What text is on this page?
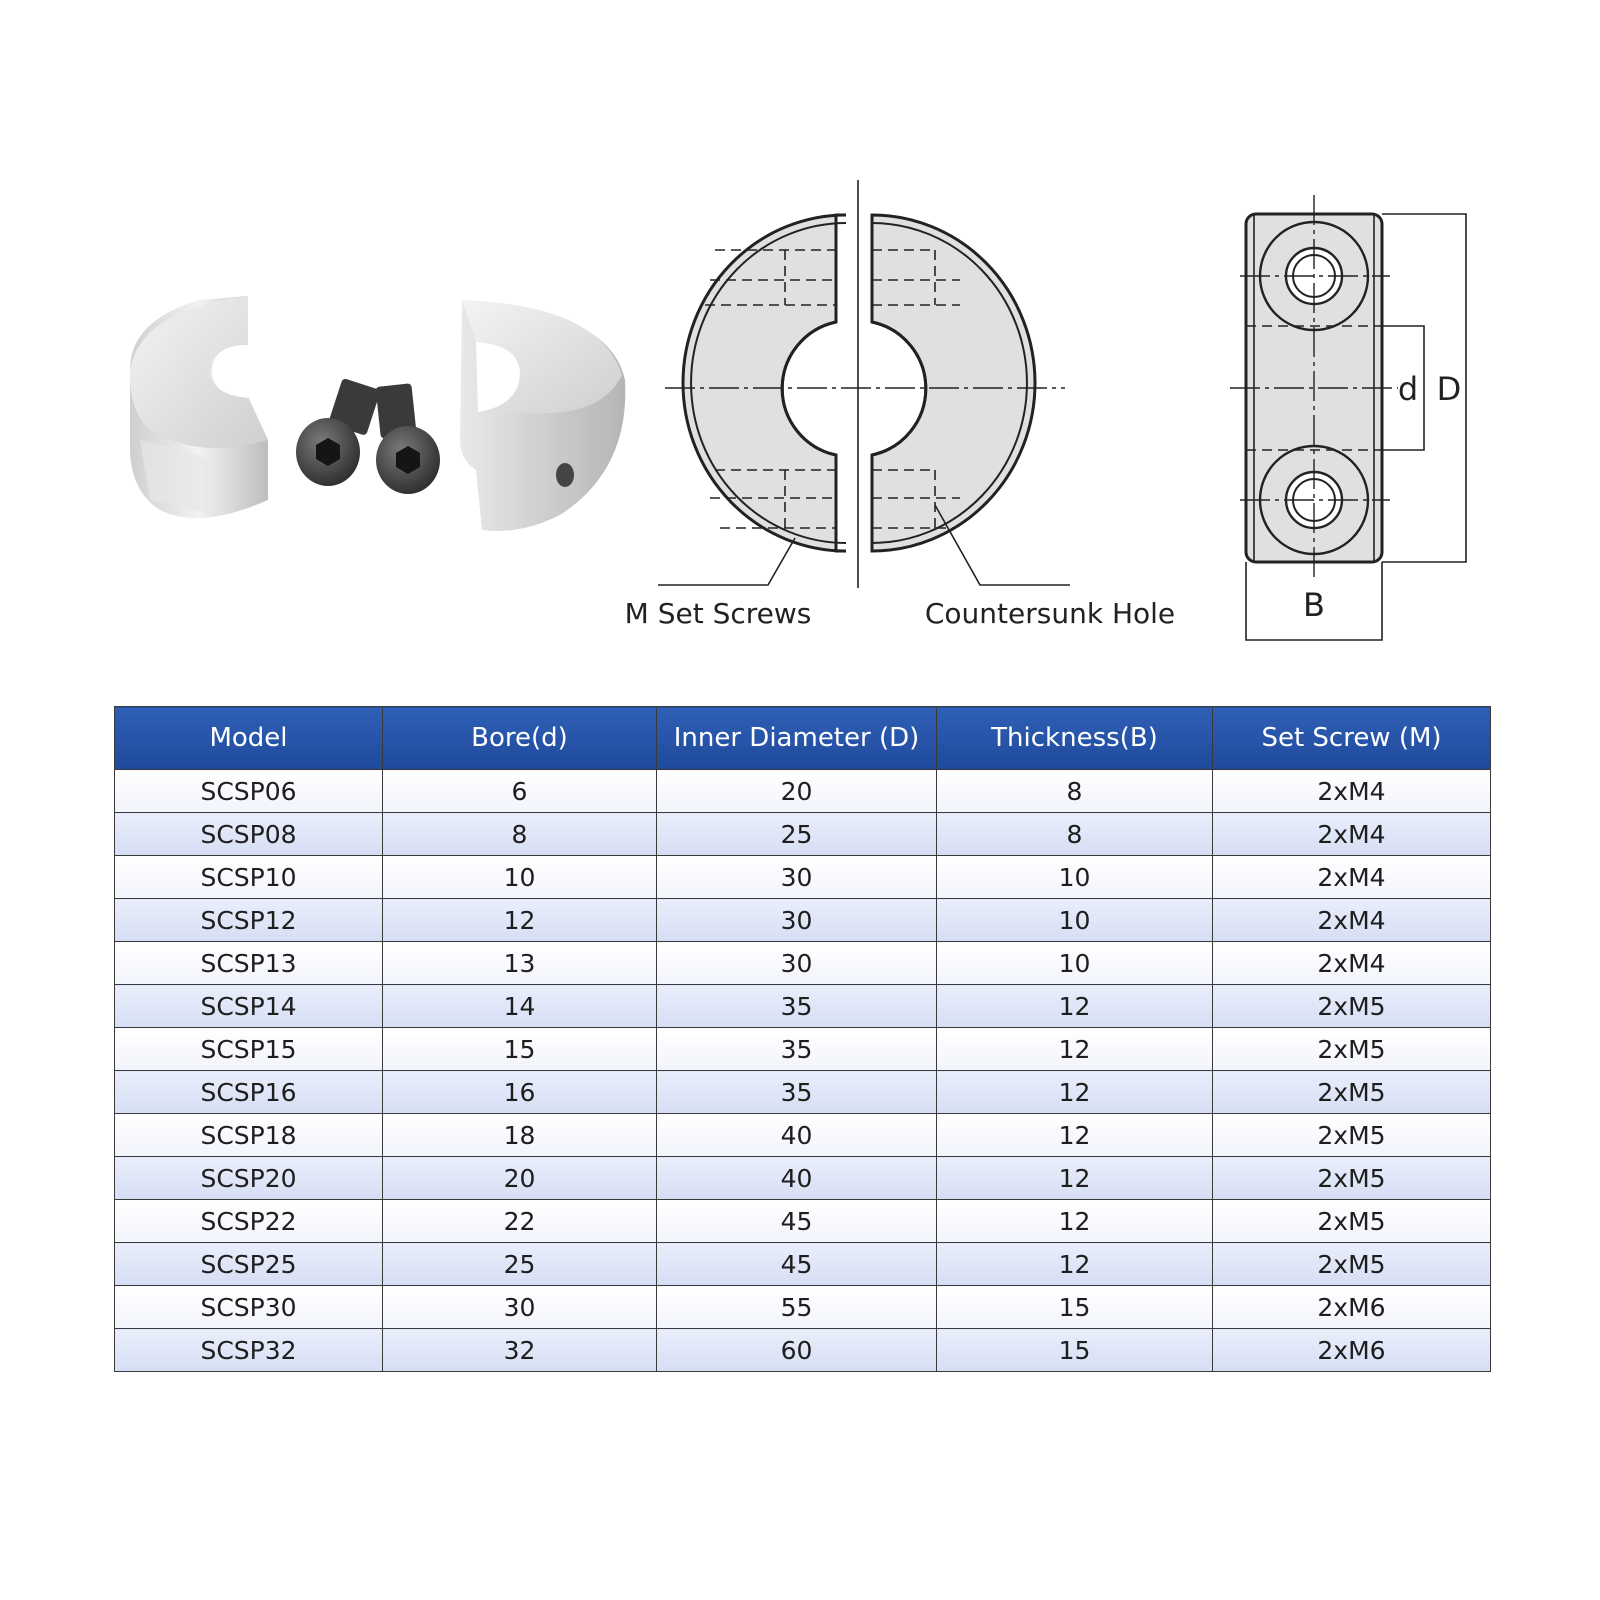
M Set Screws	Countersunk Hole
d D
B
Model	Bore(d)	Inner Diameter (D)	Thickness(B)	Set Screw (M)
SCSP06	6	20	8	2xM4
SCSP08	8	25	8	2xM4
SCSP10	10	30	10	2xM4
SCSP12	12	30	10	2xM4
SCSP13	13	30	10	2xM4
SCSP14	14	35	12	2xM5
SCSP15	15	35	12	2xM5
SCSP16	16	35	12	2xM5
SCSP18	18	40	12	2xM5
SCSP20	20	40	12	2xM5
SCSP22	22	45	12	2xM5
SCSP25	25	45	12	2xM5
SCSP30	30	55	15	2xM6
SCSP32	32	60	15	2xM6
